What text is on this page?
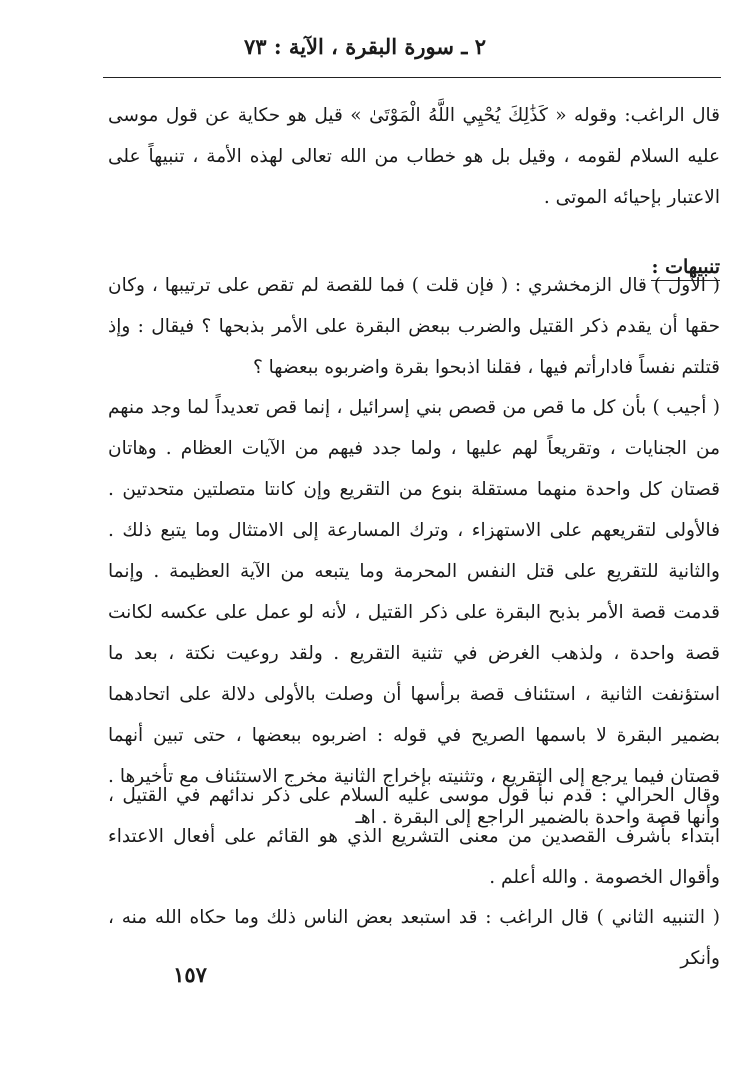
٢ ـ سورة البقرة ، الآية : ٧٣

قال الراغب: وقوله « كَذَٰلِكَ يُحْيِي اللَّهُ الْمَوْتَىٰ » قيل هو حكاية عن قول موسى عليه السلام لقومه ، وقيل بل هو خطاب من الله تعالى لهذه الأمة ، تنبيهاً على الاعتبار بإحيائه الموتى .

تنبيهات :

( الأول ) قال الزمخشري : ( فإن قلت ) فما للقصة لم تقص على ترتيبها ، وكان حقها أن يقدم ذكر القتيل والضرب ببعض البقرة على الأمر بذبحها ؟ فيقال : وإذ قتلتم نفساً فادارأتم فيها ، فقلنا اذبحوا بقرة واضربوه ببعضها ؟

( أجيب ) بأن كل ما قص من قصص بني إسرائيل ، إنما قص تعديداً لما وجد منهم من الجنايات ، وتقريعاً لهم عليها ، ولما جدد فيهم من الآيات العظام . وهاتان قصتان كل واحدة منهما مستقلة بنوع من التقريع وإن كانتا متصلتين متحدتين . فالأولى لتقريعهم على الاستهزاء ، وترك المسارعة إلى الامتثال وما يتبع ذلك . والثانية للتقريع على قتل النفس المحرمة وما يتبعه من الآية العظيمة . وإنما قدمت قصة الأمر بذبح البقرة على ذكر القتيل ، لأنه لو عمل على عكسه لكانت قصة واحدة ، ولذهب الغرض في تثنية التقريع . ولقد روعيت نكتة ، بعد ما استؤنفت الثانية ، استئناف قصة برأسها أن وصلت بالأولى دلالة على اتحادهما بضمير البقرة لا باسمها الصريح في قوله : اضربوه ببعضها ، حتى تبين أنهما قصتان فيما يرجع إلى التقريع ، وتثنيته بإخراج الثانية مخرج الاستئناف مع تأخيرها . وأنها قصة واحدة بالضمير الراجع إلى البقرة . اهـ

وقال الحرالي : قدم نبأ قول موسى عليه السلام على ذكر ندائهم في القتيل ، ابتداء بأشرف القصدين من معنى التشريع الذي هو القائم على أفعال الاعتداء وأقوال الخصومة . والله أعلم .

( التنبيه الثاني ) قال الراغب : قد استبعد بعض الناس ذلك وما حكاه الله منه ، وأنكر

١٥٧
